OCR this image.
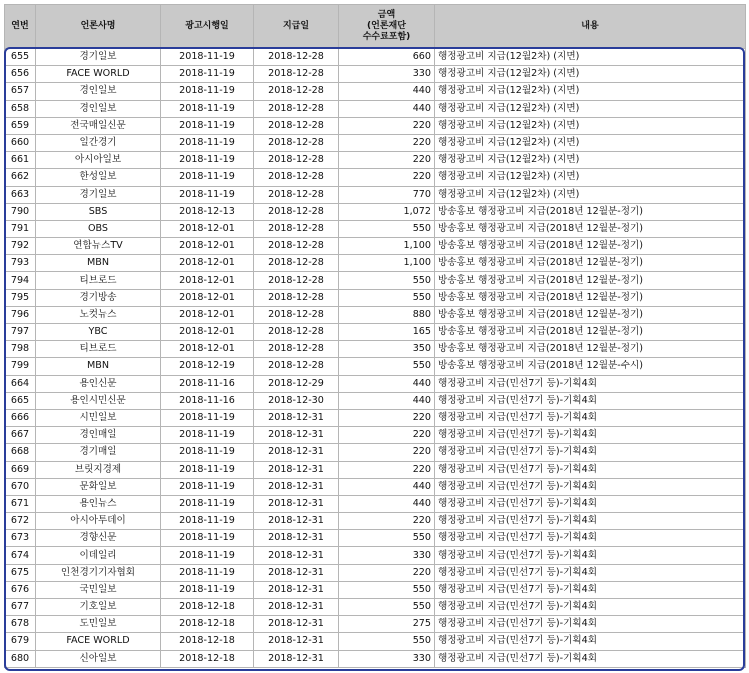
연번	언론사명	광고시행일	지급일	금액
(언론재단
수수료포함)	내용
655	경기일보	2018-11-19	2018-12-28	660	행정광고비 지급(12월2차) (지면)
656	FACE WORLD	2018-11-19	2018-12-28	330	행정광고비 지급(12월2차) (지면)
657	경인일보	2018-11-19	2018-12-28	440	행정광고비 지급(12월2차) (지면)
658	경인일보	2018-11-19	2018-12-28	440	행정광고비 지급(12월2차) (지면)
659	전국매일신문	2018-11-19	2018-12-28	220	행정광고비 지급(12월2차) (지면)
660	일간경기	2018-11-19	2018-12-28	220	행정광고비 지급(12월2차) (지면)
661	아시아일보	2018-11-19	2018-12-28	220	행정광고비 지급(12월2차) (지면)
662	한성일보	2018-11-19	2018-12-28	220	행정광고비 지급(12월2차) (지면)
663	경기일보	2018-11-19	2018-12-28	770	행정광고비 지급(12월2차) (지면)
790	SBS	2018-12-13	2018-12-28	1,072	방송홍보 행정광고비 지급(2018년 12월분-정기)
791	OBS	2018-12-01	2018-12-28	550	방송홍보 행정광고비 지급(2018년 12월분-정기)
792	연합뉴스TV	2018-12-01	2018-12-28	1,100	방송홍보 행정광고비 지급(2018년 12월분-정기)
793	MBN	2018-12-01	2018-12-28	1,100	방송홍보 행정광고비 지급(2018년 12월분-정기)
794	티브로드	2018-12-01	2018-12-28	550	방송홍보 행정광고비 지급(2018년 12월분-정기)
795	경기방송	2018-12-01	2018-12-28	550	방송홍보 행정광고비 지급(2018년 12월분-정기)
796	노컷뉴스	2018-12-01	2018-12-28	880	방송홍보 행정광고비 지급(2018년 12월분-정기)
797	YBC	2018-12-01	2018-12-28	165	방송홍보 행정광고비 지급(2018년 12월분-정기)
798	티브로드	2018-12-01	2018-12-28	350	방송홍보 행정광고비 지급(2018년 12월분-정기)
799	MBN	2018-12-19	2018-12-28	550	방송홍보 행정광고비 지급(2018년 12월분-수시)
664	용인신문	2018-11-16	2018-12-29	440	행정광고비 지급(민선7기 등)-기획4회
665	용인시민신문	2018-11-16	2018-12-30	440	행정광고비 지급(민선7기 등)-기획4회
666	시민일보	2018-11-19	2018-12-31	220	행정광고비 지급(민선7기 등)-기획4회
667	경인매일	2018-11-19	2018-12-31	220	행정광고비 지급(민선7기 등)-기획4회
668	경기매일	2018-11-19	2018-12-31	220	행정광고비 지급(민선7기 등)-기획4회
669	브릿지경제	2018-11-19	2018-12-31	220	행정광고비 지급(민선7기 등)-기획4회
670	문화일보	2018-11-19	2018-12-31	440	행정광고비 지급(민선7기 등)-기획4회
671	용인뉴스	2018-11-19	2018-12-31	440	행정광고비 지급(민선7기 등)-기획4회
672	아시아투데이	2018-11-19	2018-12-31	220	행정광고비 지급(민선7기 등)-기획4회
673	경향신문	2018-11-19	2018-12-31	550	행정광고비 지급(민선7기 등)-기획4회
674	이데일리	2018-11-19	2018-12-31	330	행정광고비 지급(민선7기 등)-기획4회
675	인천경기기자협회	2018-11-19	2018-12-31	220	행정광고비 지급(민선7기 등)-기획4회
676	국민일보	2018-11-19	2018-12-31	550	행정광고비 지급(민선7기 등)-기획4회
677	기호일보	2018-12-18	2018-12-31	550	행정광고비 지급(민선7기 등)-기획4회
678	도민일보	2018-12-18	2018-12-31	275	행정광고비 지급(민선7기 등)-기획4회
679	FACE WORLD	2018-12-18	2018-12-31	550	행정광고비 지급(민선7기 등)-기획4회
680	신아일보	2018-12-18	2018-12-31	330	행정광고비 지급(민선7기 등)-기획4회
